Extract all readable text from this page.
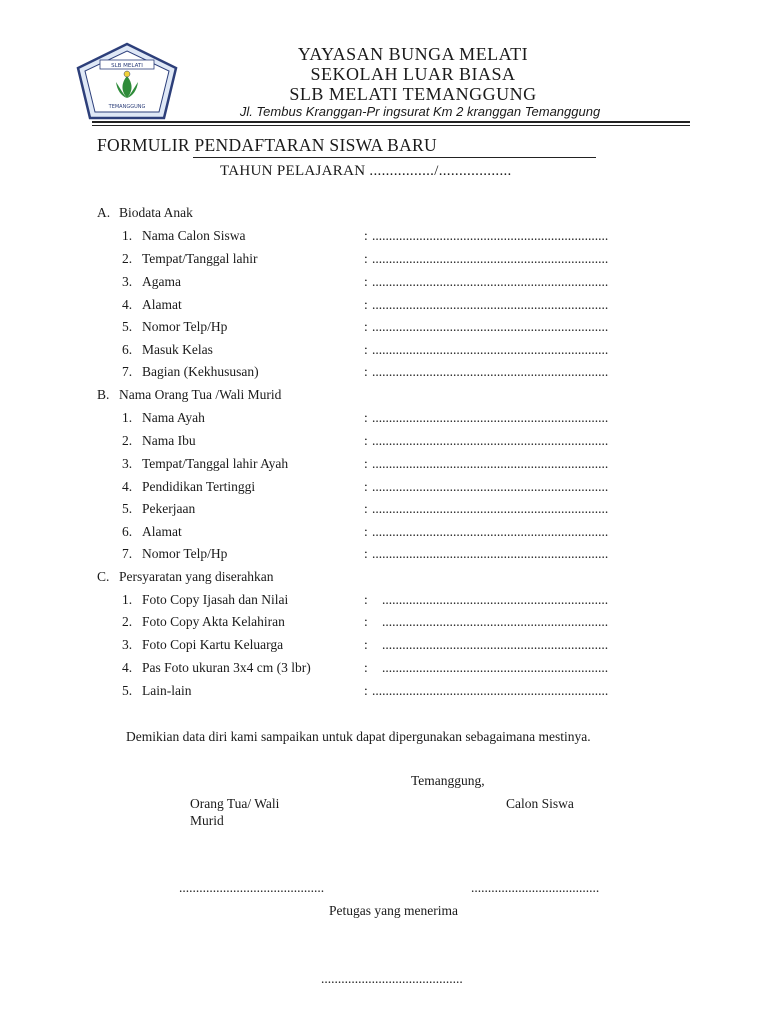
SLB MELATI
TEMANGGUNG
YAYASAN BUNGA MELATI
SEKOLAH LUAR BIASA
SLB MELATI TEMANGGUNG
Jl. Tembus Kranggan-Pr ingsurat Km 2 kranggan Temanggung
FORMULIR PENDAFTARAN SISWA BARU
TAHUN PELAJARAN ................/..................
A. Biodata Anak
1. Nama Calon Siswa	: ......................................................................
2. Tempat/Tanggal lahir	: ......................................................................
3. Agama	: ......................................................................
4. Alamat	: ......................................................................
5. Nomor Telp/Hp	: ......................................................................
6. Masuk Kelas	: ......................................................................
7. Bagian (Kekhususan)	: ......................................................................
B. Nama Orang Tua /Wali Murid
1. Nama Ayah	: ......................................................................
2. Nama Ibu	: ......................................................................
3. Tempat/Tanggal lahir Ayah	: ......................................................................
4. Pendidikan Tertinggi	: ......................................................................
5. Pekerjaan	: ......................................................................
6. Alamat	: ......................................................................
7. Nomor Telp/Hp	: ......................................................................
C. Persyaratan yang diserahkan
1. Foto Copy Ijasah dan Nilai	: ...................................................................
2. Foto Copy Akta Kelahiran	: ...................................................................
3. Foto Copi Kartu Keluarga	: ...................................................................
4. Pas Foto ukuran 3x4 cm (3 lbr)	: ...................................................................
5. Lain-lain	: ......................................................................
Demikian data diri kami sampaikan untuk dapat dipergunakan sebagaimana mestinya.
Temanggung,
Orang Tua/ Wali
Murid
Calon Siswa
...........................................	......................................
Petugas yang menerima
..........................................
